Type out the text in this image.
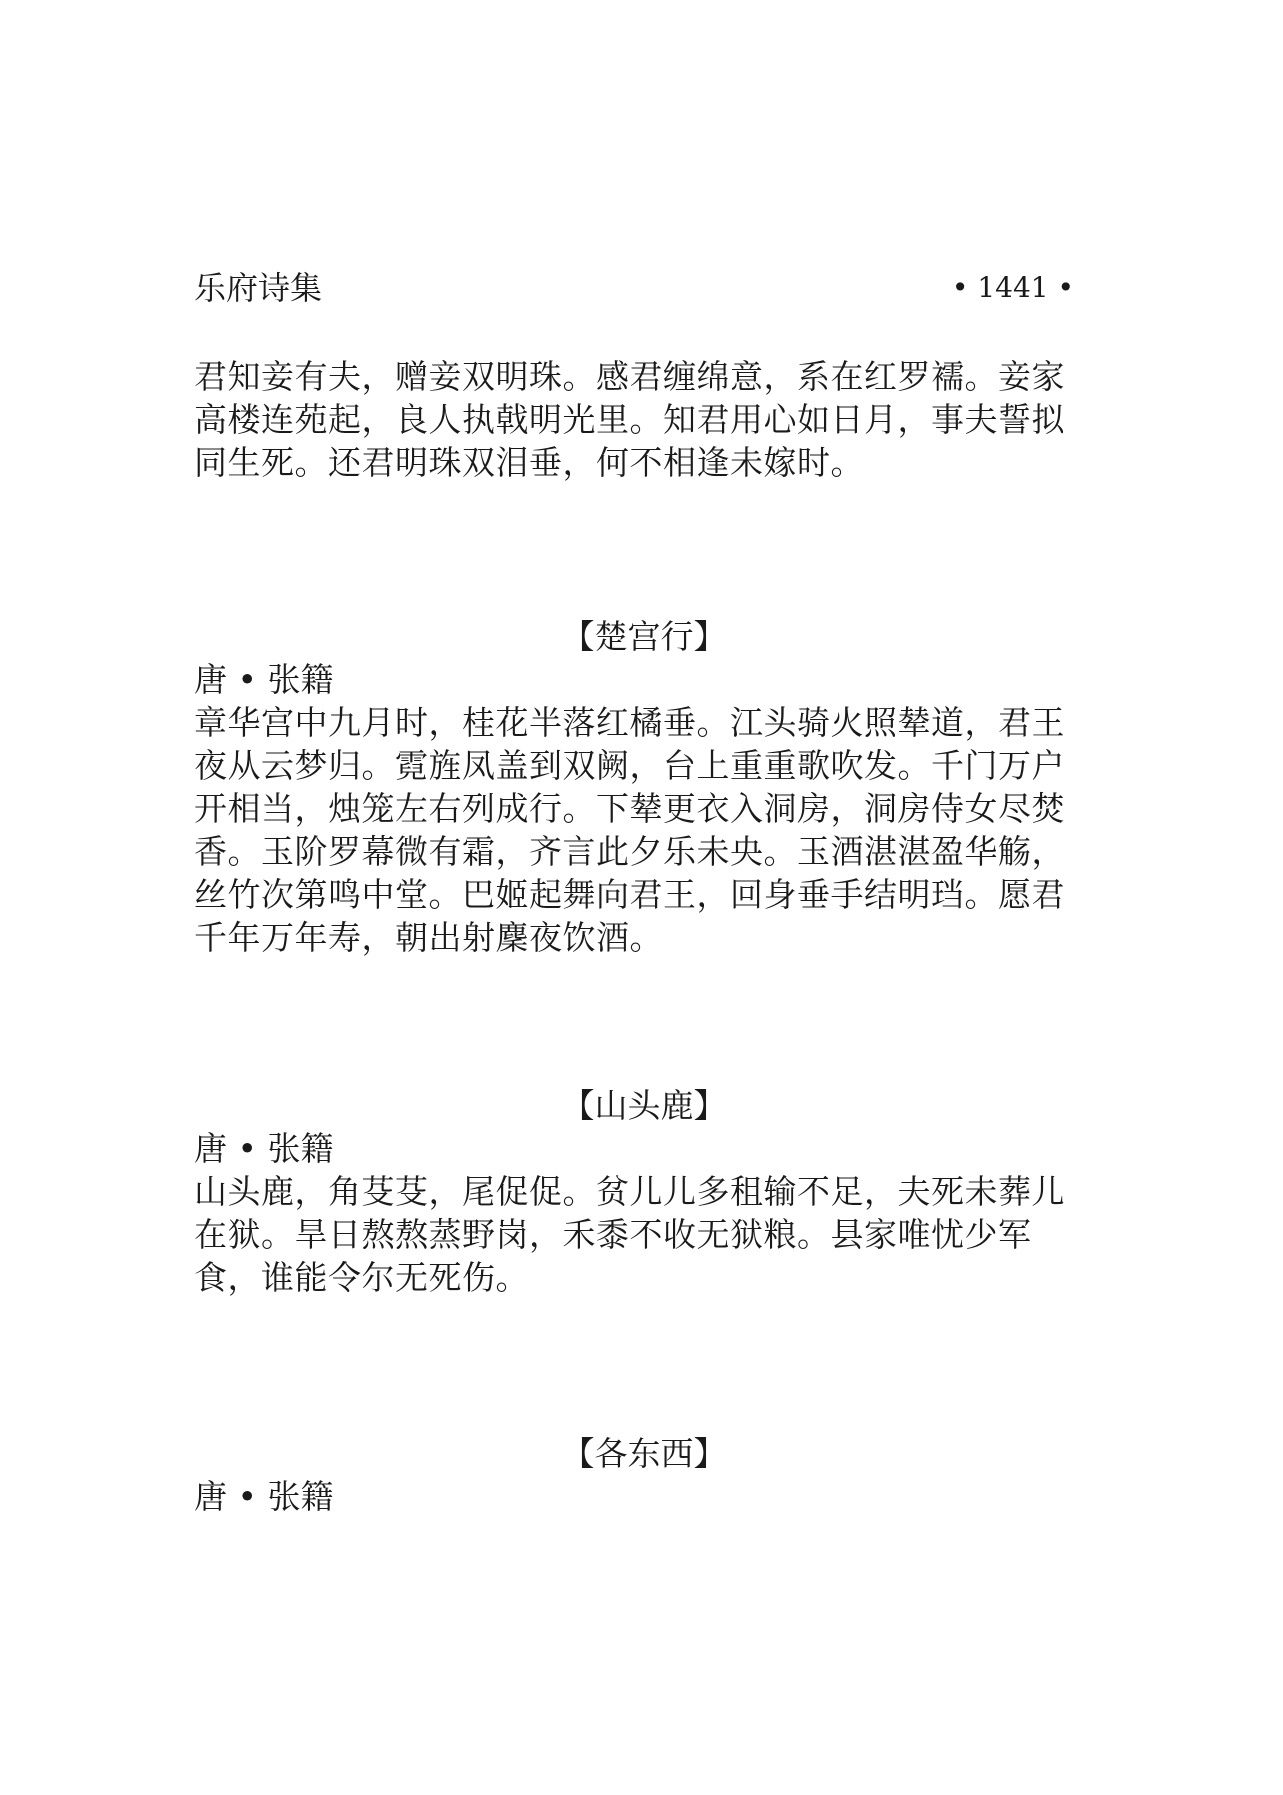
乐府诗集	• 1441 •

君知妾有夫，赠妾双明珠。感君缠绵意，系在红罗襦。妾家高楼连苑起，良人执戟明光里。知君用心如日月，事夫誓拟同生死。还君明珠双泪垂，何不相逢未嫁时。

【楚宫行】
唐 • 张籍

章华宫中九月时，桂花半落红橘垂。江头骑火照辇道，君王夜从云梦归。霓旌凤盖到双阙，台上重重歌吹发。千门万户开相当，烛笼左右列成行。下辇更衣入洞房，洞房侍女尽焚香。玉阶罗幕微有霜，齐言此夕乐未央。玉酒湛湛盈华觞，丝竹次第鸣中堂。巴姬起舞向君王，回身垂手结明珰。愿君千年万年寿，朝出射麇夜饮酒。

【山头鹿】
唐 • 张籍

山头鹿，角芟芟，尾促促。贫儿儿多租输不足，夫死未葬儿在狱。旱日熬熬蒸野岗，禾黍不收无狱粮。县家唯忧少军食，谁能令尔无死伤。

【各东西】
唐 • 张籍
